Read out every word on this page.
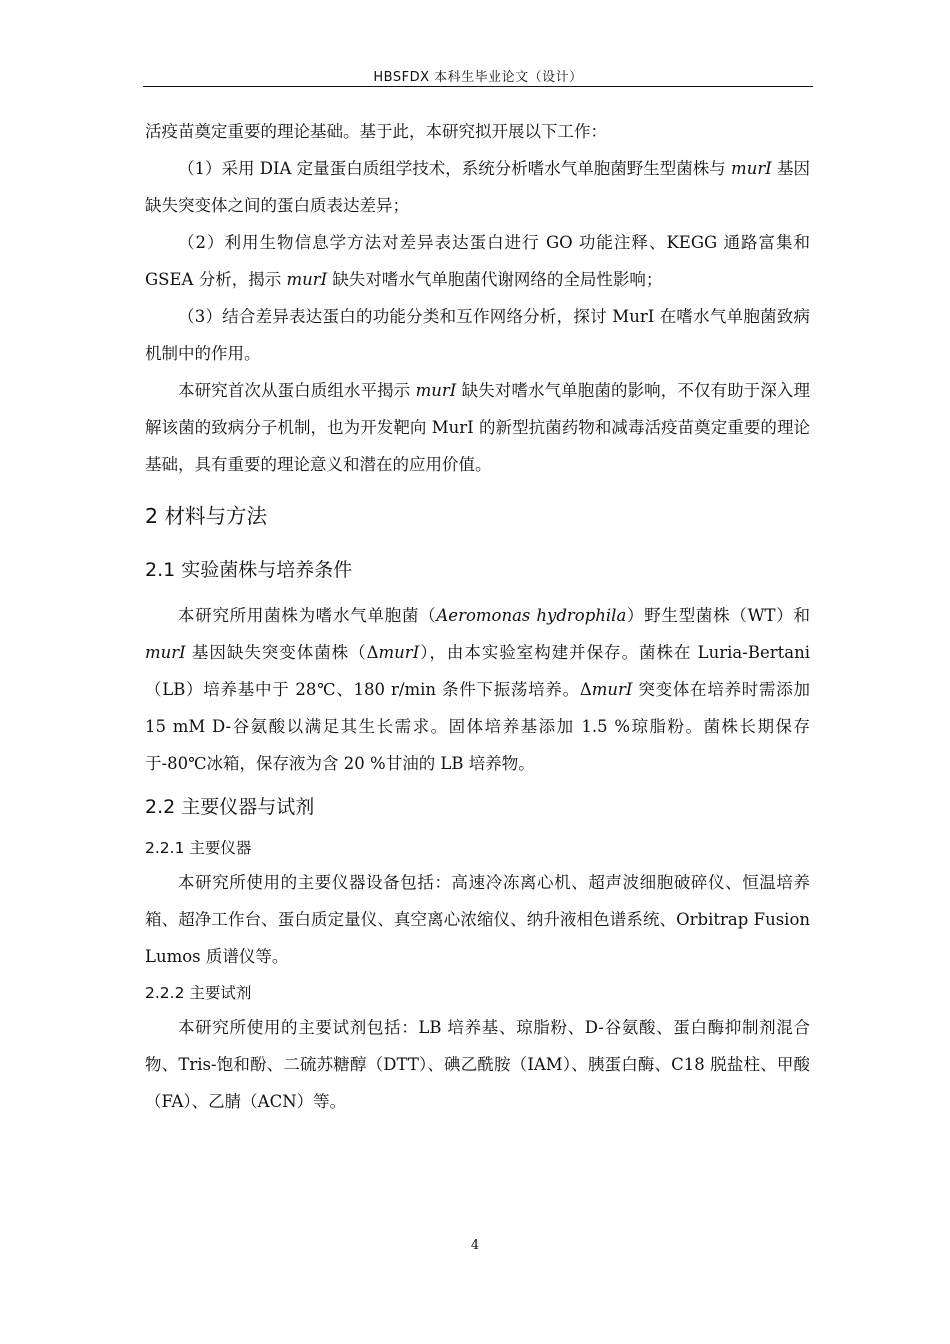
HBSFDX 本科生毕业论文（设计）

活疫苗奠定重要的理论基础。基于此，本研究拟开展以下工作：

（1）采用 DIA 定量蛋白质组学技术，系统分析嗜水气单胞菌野生型菌株与 murI 基因缺失突变体之间的蛋白质表达差异；

（2）利用生物信息学方法对差异表达蛋白进行 GO 功能注释、KEGG 通路富集和 GSEA 分析，揭示 murI 缺失对嗜水气单胞菌代谢网络的全局性影响；

（3）结合差异表达蛋白的功能分类和互作网络分析，探讨 MurI 在嗜水气单胞菌致病机制中的作用。

本研究首次从蛋白质组水平揭示 murI 缺失对嗜水气单胞菌的影响，不仅有助于深入理解该菌的致病分子机制，也为开发靶向 MurI 的新型抗菌药物和减毒活疫苗奠定重要的理论基础，具有重要的理论意义和潜在的应用价值。

2 材料与方法
2.1 实验菌株与培养条件

本研究所用菌株为嗜水气单胞菌（Aeromonas hydrophila）野生型菌株（WT）和 murI 基因缺失突变体菌株（ΔmurI），由本实验室构建并保存。菌株在 Luria-Bertani（LB）培养基中于 28℃、180 r/min 条件下振荡培养。ΔmurI 突变体在培养时需添加 15 mM D-谷氨酸以满足其生长需求。固体培养基添加 1.5 %琼脂粉。菌株长期保存于-80℃冰箱，保存液为含 20 %甘油的 LB 培养物。

2.2 主要仪器与试剂
2.2.1 主要仪器

本研究所使用的主要仪器设备包括：高速冷冻离心机、超声波细胞破碎仪、恒温培养箱、超净工作台、蛋白质定量仪、真空离心浓缩仪、纳升液相色谱系统、Orbitrap Fusion Lumos 质谱仪等。

2.2.2 主要试剂

本研究所使用的主要试剂包括：LB 培养基、琼脂粉、D-谷氨酸、蛋白酶抑制剂混合物、Tris-饱和酚、二硫苏糖醇（DTT）、碘乙酰胺（IAM）、胰蛋白酶、C18 脱盐柱、甲酸（FA）、乙腈（ACN）等。

4
